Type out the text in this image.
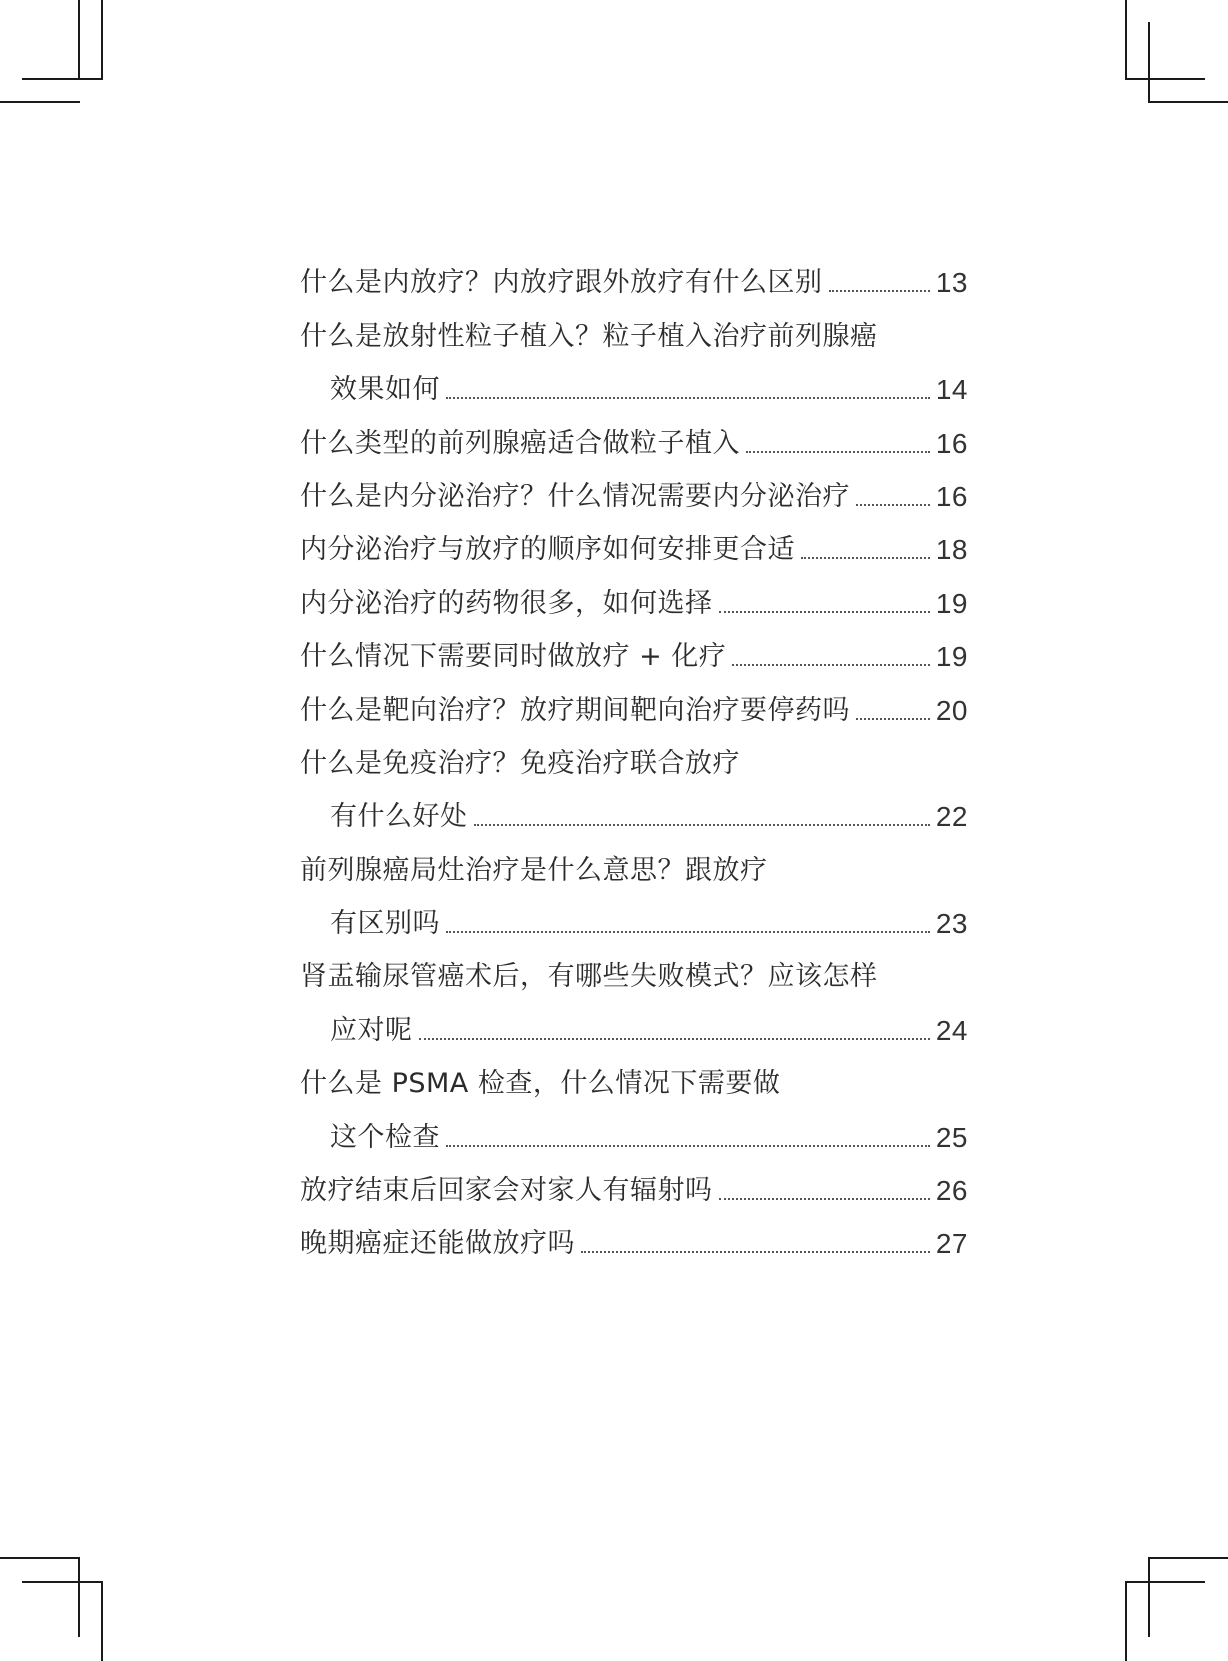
什么是内放疗？内放疗跟外放疗有什么区别	13
什么是放射性粒子植入？粒子植入治疗前列腺癌
效果如何	14
什么类型的前列腺癌适合做粒子植入	16
什么是内分泌治疗？什么情况需要内分泌治疗	16
内分泌治疗与放疗的顺序如何安排更合适	18
内分泌治疗的药物很多，如何选择	19
什么情况下需要同时做放疗 + 化疗	19
什么是靶向治疗？放疗期间靶向治疗要停药吗	20
什么是免疫治疗？免疫治疗联合放疗
有什么好处	22
前列腺癌局灶治疗是什么意思？跟放疗
有区别吗	23
肾盂输尿管癌术后，有哪些失败模式？应该怎样
应对呢	24
什么是 PSMA 检查，什么情况下需要做
这个检查	25
放疗结束后回家会对家人有辐射吗	26
晚期癌症还能做放疗吗	27
